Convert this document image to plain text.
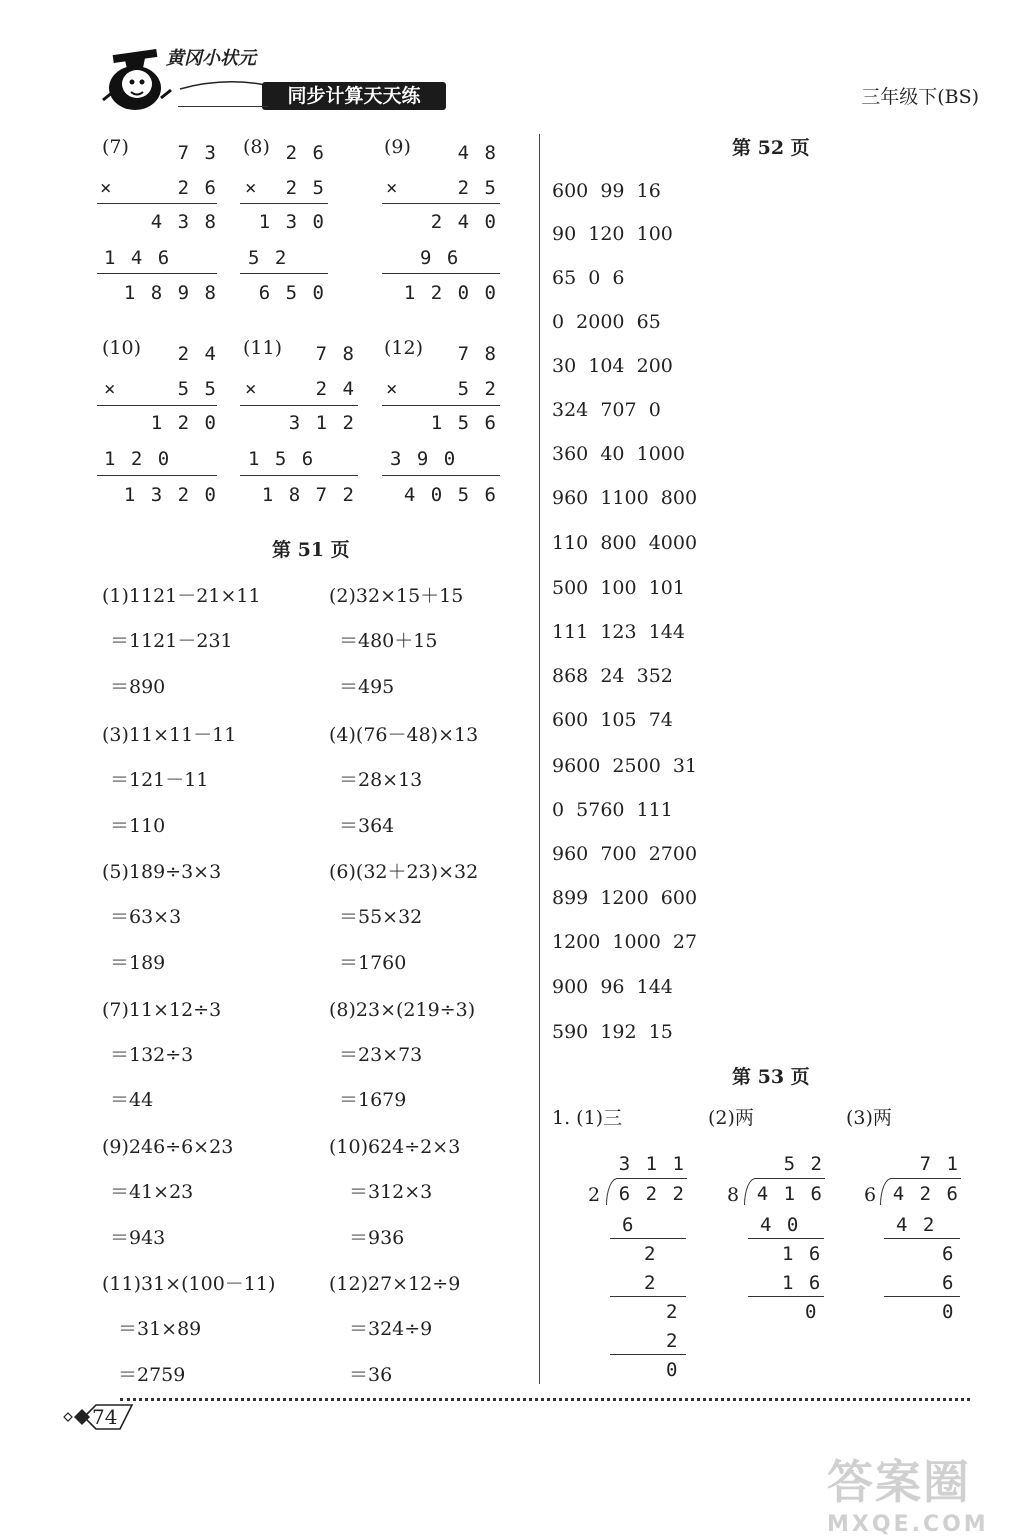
黄冈小状元
同步计算天天练	三年级下(BS)
(7)	7 3
×	2 6
4 3 8
1 4 6
1 8 9 8
(8) 2 6
× 2 5
1 3 0
5 2
6 5 0
(9)	4 8
×	2 5
2 4 0
9 6
1 2 0 0
(10)	2 4
×	5 5
1 2 0
1 2 0
1 3 2 0
(11)	7 8
×	2 4
3 1 2
1 5 6
1 8 7 2
(12)	7 8
×	5 2
1 5 6
3 9 0
4 0 5 6
第 51 页
(1)1121－21×11
＝1121－231
＝890
(3)11×11－11
＝121－11
＝110
(5)189÷3×3
＝63×3
＝189
(7)11×12÷3
＝132÷3
＝44
(9)246÷6×23
＝41×23
＝943
(11)31×(100－11)
＝31×89
＝2759
(2)32×15＋15
＝480＋15
＝495
(4)(76－48)×13
＝28×13
＝364
(6)(32＋23)×32
＝55×32
＝1760
(8)23×(219÷3)
＝23×73
＝1679
(10)624÷2×3
＝312×3
＝936
(12)27×12÷9
＝324÷9
＝36
第 52 页
600  99  16
90  120  100
65  0  6
0  2000  65
30  104  200
324  707  0
360  40  1000
960  1100  800
110  800  4000
500  100  101
111  123  144
868  24  352
600  105  74
9600  2500  31
0  5760  111
960  700  2700
899  1200  600
1200  1000  27
900  96  144
590  192  15
第 53 页
1. (1)三	(2)两	(3)两
3 1 1
2 6 2 2
6
2
2
2
2
0
5 2
8 4 1 6
4 0
1 6
1 6
0
7 1
6 4 2 6
4 2
6
6
0
74
答案圈
MXQE.COM
